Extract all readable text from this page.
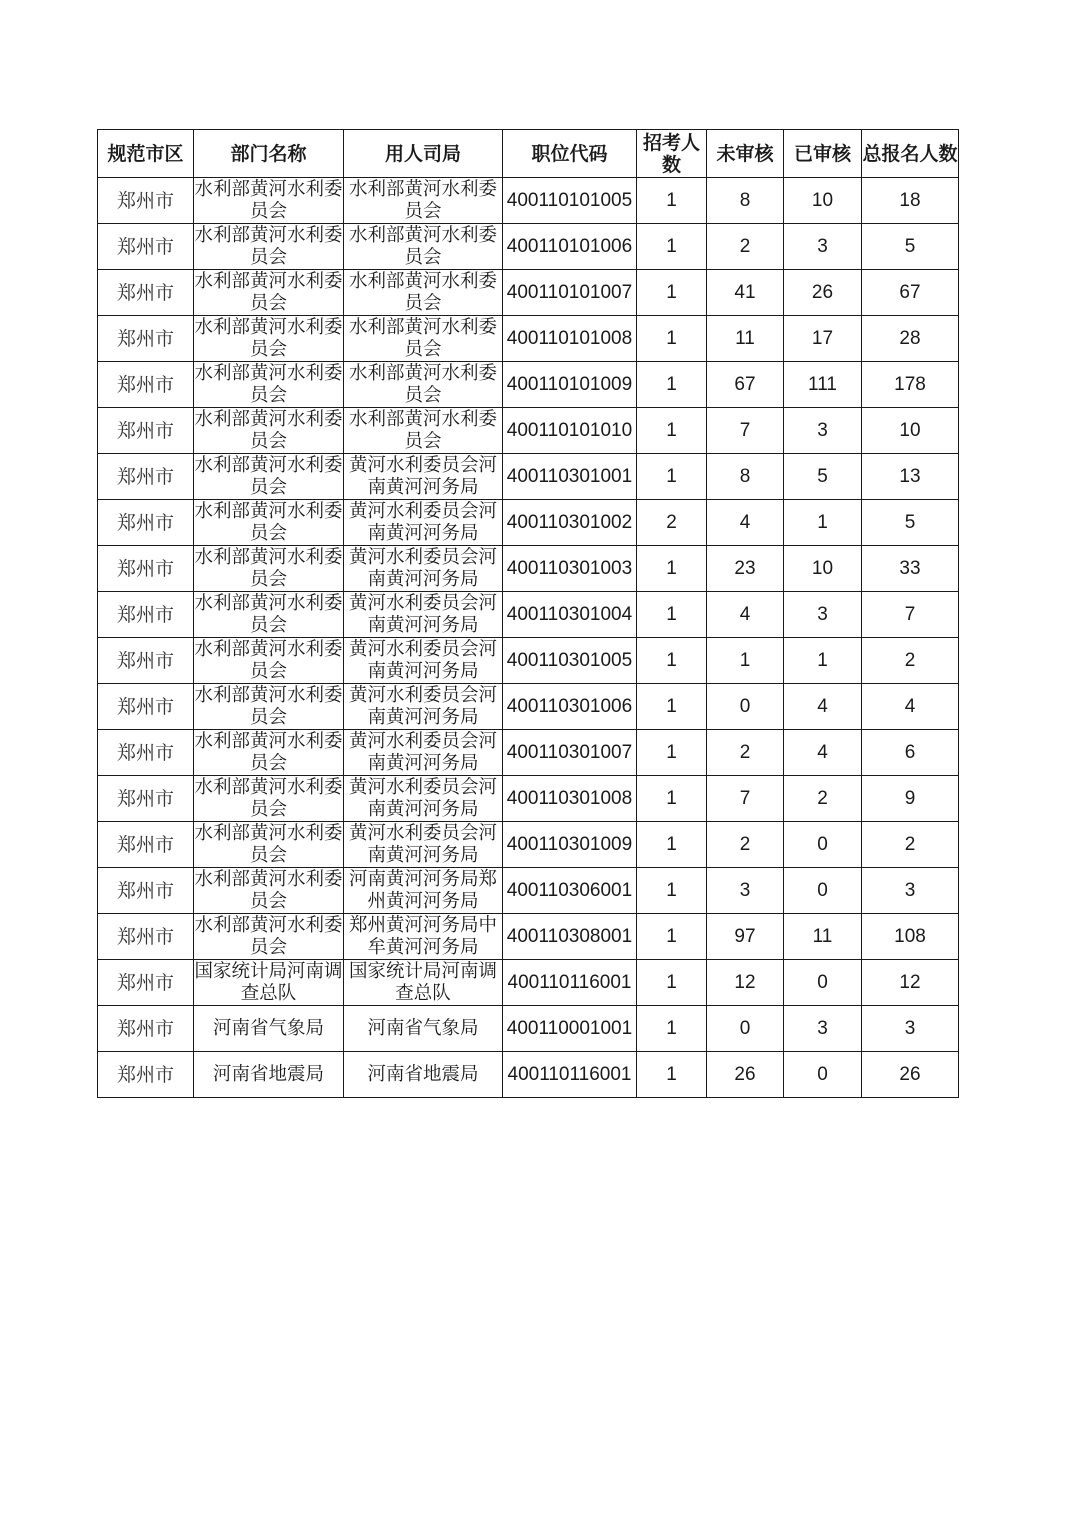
规范市区	部门名称	用人司局	职位代码	招考人数	未审核	已审核	总报名人数
郑州市	水利部黄河水利委员会	水利部黄河水利委员会	400110101005	1	8	10	18
郑州市	水利部黄河水利委员会	水利部黄河水利委员会	400110101006	1	2	3	5
郑州市	水利部黄河水利委员会	水利部黄河水利委员会	400110101007	1	41	26	67
郑州市	水利部黄河水利委员会	水利部黄河水利委员会	400110101008	1	11	17	28
郑州市	水利部黄河水利委员会	水利部黄河水利委员会	400110101009	1	67	111	178
郑州市	水利部黄河水利委员会	水利部黄河水利委员会	400110101010	1	7	3	10
郑州市	水利部黄河水利委员会	黄河水利委员会河南黄河河务局	400110301001	1	8	5	13
郑州市	水利部黄河水利委员会	黄河水利委员会河南黄河河务局	400110301002	2	4	1	5
郑州市	水利部黄河水利委员会	黄河水利委员会河南黄河河务局	400110301003	1	23	10	33
郑州市	水利部黄河水利委员会	黄河水利委员会河南黄河河务局	400110301004	1	4	3	7
郑州市	水利部黄河水利委员会	黄河水利委员会河南黄河河务局	400110301005	1	1	1	2
郑州市	水利部黄河水利委员会	黄河水利委员会河南黄河河务局	400110301006	1	0	4	4
郑州市	水利部黄河水利委员会	黄河水利委员会河南黄河河务局	400110301007	1	2	4	6
郑州市	水利部黄河水利委员会	黄河水利委员会河南黄河河务局	400110301008	1	7	2	9
郑州市	水利部黄河水利委员会	黄河水利委员会河南黄河河务局	400110301009	1	2	0	2
郑州市	水利部黄河水利委员会	河南黄河河务局郑州黄河河务局	400110306001	1	3	0	3
郑州市	水利部黄河水利委员会	郑州黄河河务局中牟黄河河务局	400110308001	1	97	11	108
郑州市	国家统计局河南调查总队	国家统计局河南调查总队	400110116001	1	12	0	12
郑州市	河南省气象局	河南省气象局	400110001001	1	0	3	3
郑州市	河南省地震局	河南省地震局	400110116001	1	26	0	26
